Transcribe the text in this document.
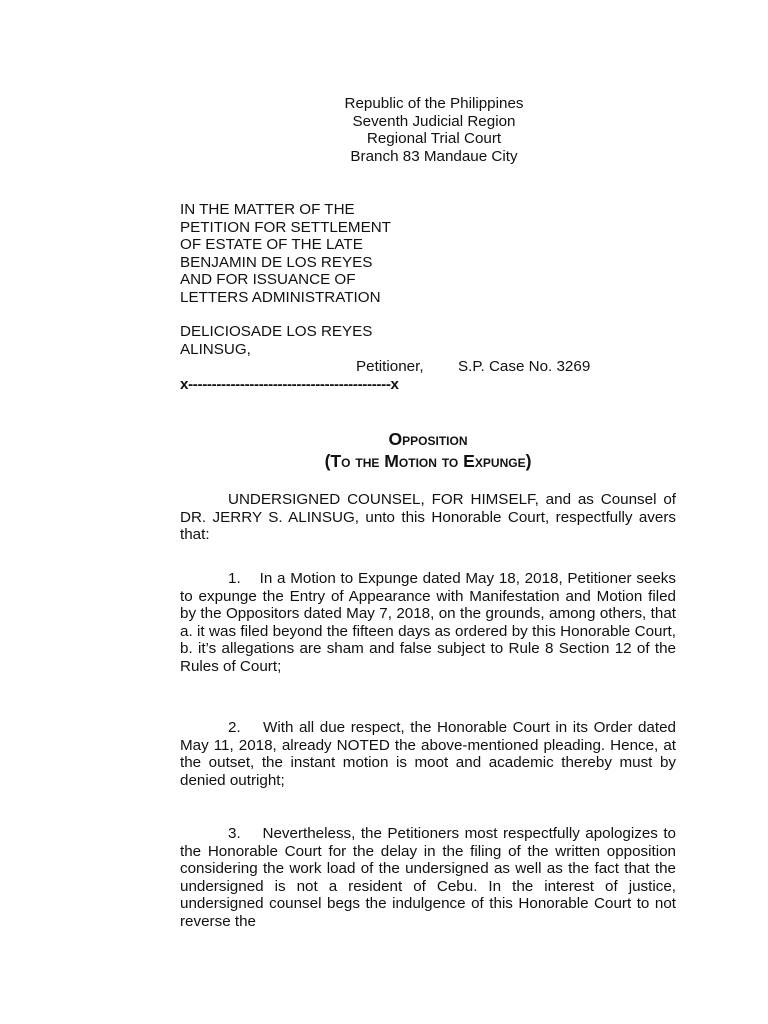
Republic of the Philippines
Seventh Judicial Region
Regional Trial Court
Branch 83 Mandaue City
IN THE MATTER OF THE
PETITION FOR SETTLEMENT
OF ESTATE OF THE LATE
BENJAMIN DE LOS REYES
AND FOR ISSUANCE OF
LETTERS ADMINISTRATION
DELICIOSADE LOS REYES
ALINSUG,
Petitioner, S.P. Case No. 3269
x-------------------------------------------x
Opposition
(To the Motion to Expunge)
UNDERSIGNED COUNSEL, FOR HIMSELF, and as Counsel of DR. JERRY S. ALINSUG, unto this Honorable Court, respectfully avers that:
1.    In a Motion to Expunge dated May 18, 2018, Petitioner seeks to expunge the Entry of Appearance with Manifestation and Motion filed by the Oppositors dated May 7, 2018, on the grounds, among others, that a. it was filed beyond the fifteen days as ordered by this Honorable Court, b. it’s allegations are sham and false subject to Rule 8 Section 12 of the Rules of Court;
2.    With all due respect, the Honorable Court in its Order dated May 11, 2018, already NOTED the above-mentioned pleading. Hence, at the outset, the instant motion is moot and academic thereby must by denied outright;
3.    Nevertheless, the Petitioners most respectfully apologizes to the Honorable Court for the delay in the filing of the written opposition considering the work load of the undersigned as well as the fact that the undersigned is not a resident of Cebu. In the interest of justice, undersigned counsel begs the indulgence of this Honorable Court to not reverse the
